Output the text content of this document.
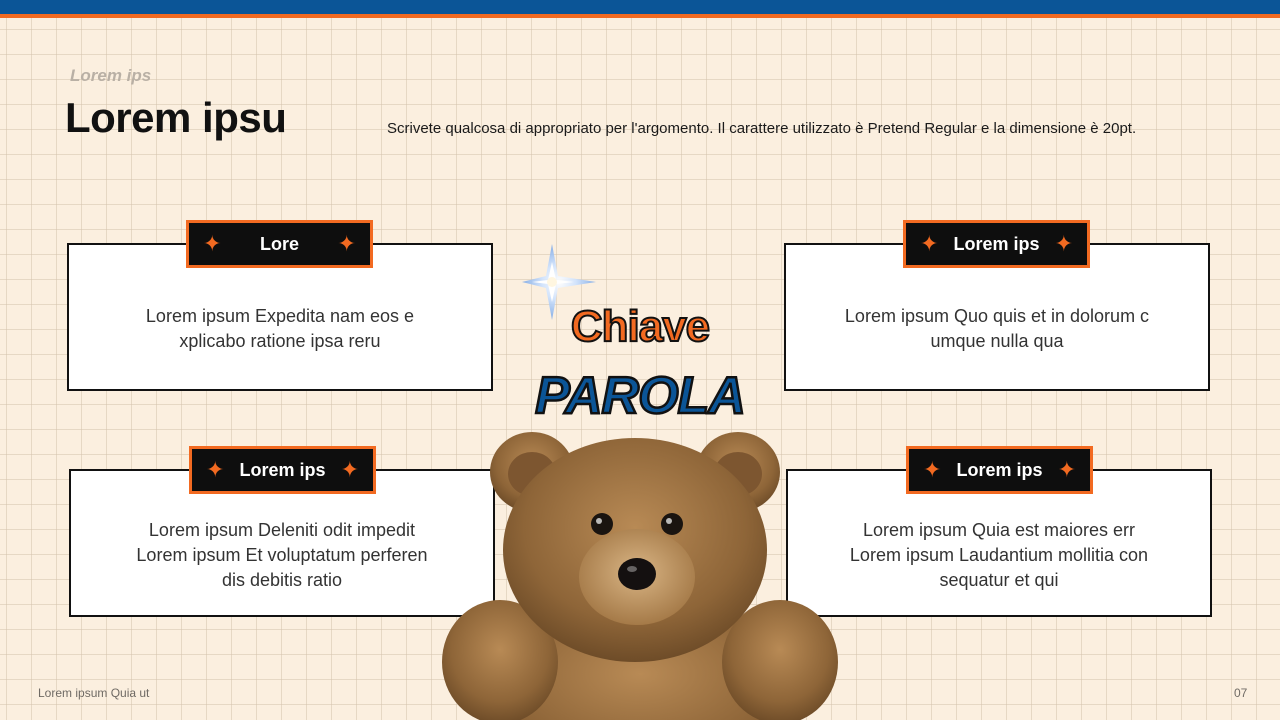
Lorem ips
Lorem ipsu	Scrivete qualcosa di appropriato per l'argomento. Il carattere utilizzato è Pretend Regular e la dimensione è 20pt.
Lorem ipsum Expedita nam eos e
xplicabo ratione ipsa reru
✦ Lore ✦
Lorem ipsum Quo quis et in dolorum c
umque nulla qua
✦ Lorem ips ✦
Lorem ipsum Deleniti odit impedit
Lorem ipsum Et voluptatum perferen
dis debitis ratio
✦ Lorem ips ✦
Lorem ipsum Quia est maiores err
Lorem ipsum Laudantium mollitia con
sequatur et qui
✦ Lorem ips ✦
Chiave
PAROLA
Lorem ipsum Quia ut	07
